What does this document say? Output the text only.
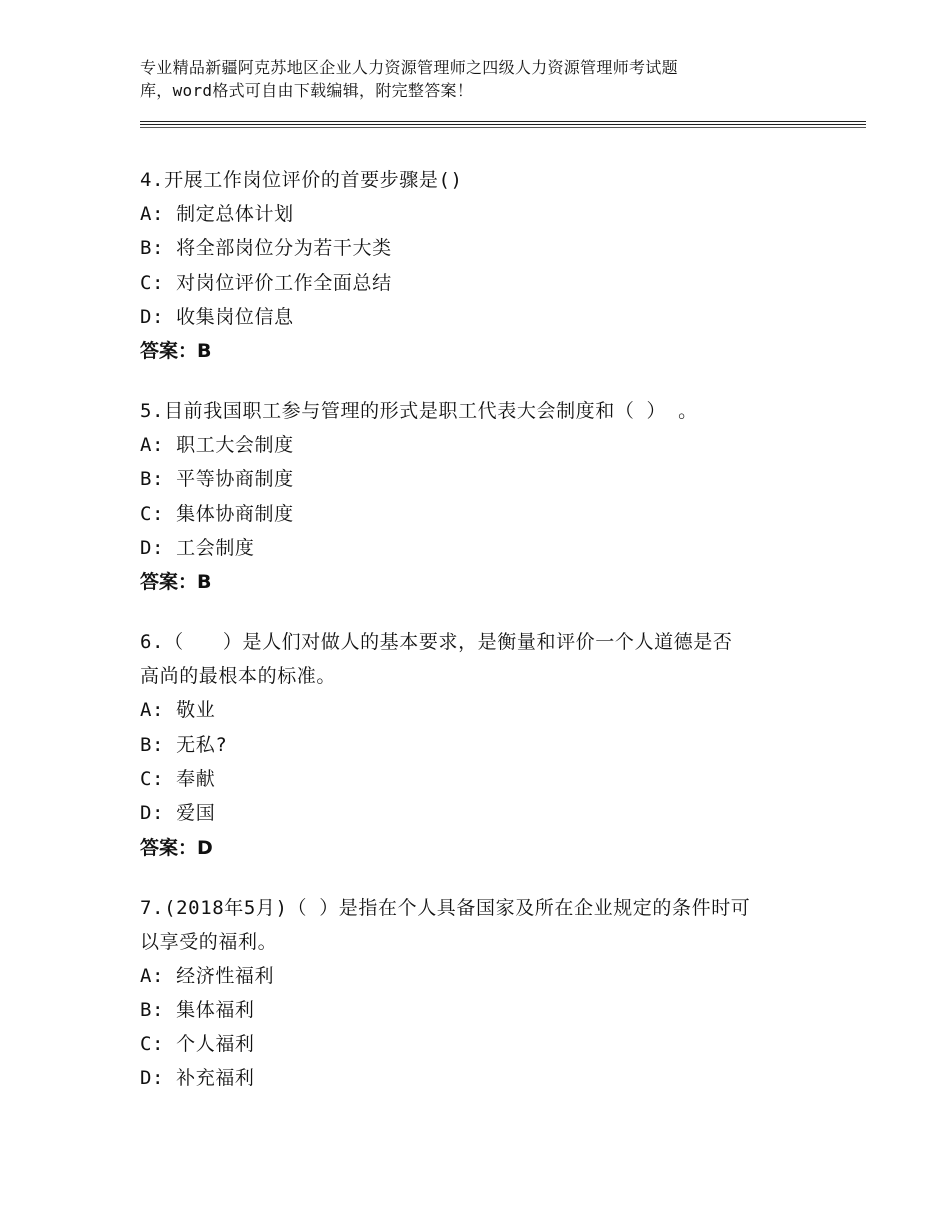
专业精品新疆阿克苏地区企业人力资源管理师之四级人力资源管理师考试题
库，word格式可自由下载编辑，附完整答案！
4.开展工作岗位评价的首要步骤是()
A: 制定总体计划
B: 将全部岗位分为若干大类
C: 对岗位评价工作全面总结
D: 收集岗位信息
答案：B
5.目前我国职工参与管理的形式是职工代表大会制度和（ ） 。
A: 职工大会制度
B: 平等协商制度
C: 集体协商制度
D: 工会制度
答案：B
6.（　　）是人们对做人的基本要求，是衡量和评价一个人道德是否
高尚的最根本的标准。
A: 敬业
B: 无私?
C: 奉献
D: 爱国
答案：D
7.(2018年5月)（ ）是指在个人具备国家及所在企业规定的条件时可
以享受的福利。
A: 经济性福利
B: 集体福利
C: 个人福利
D: 补充福利
